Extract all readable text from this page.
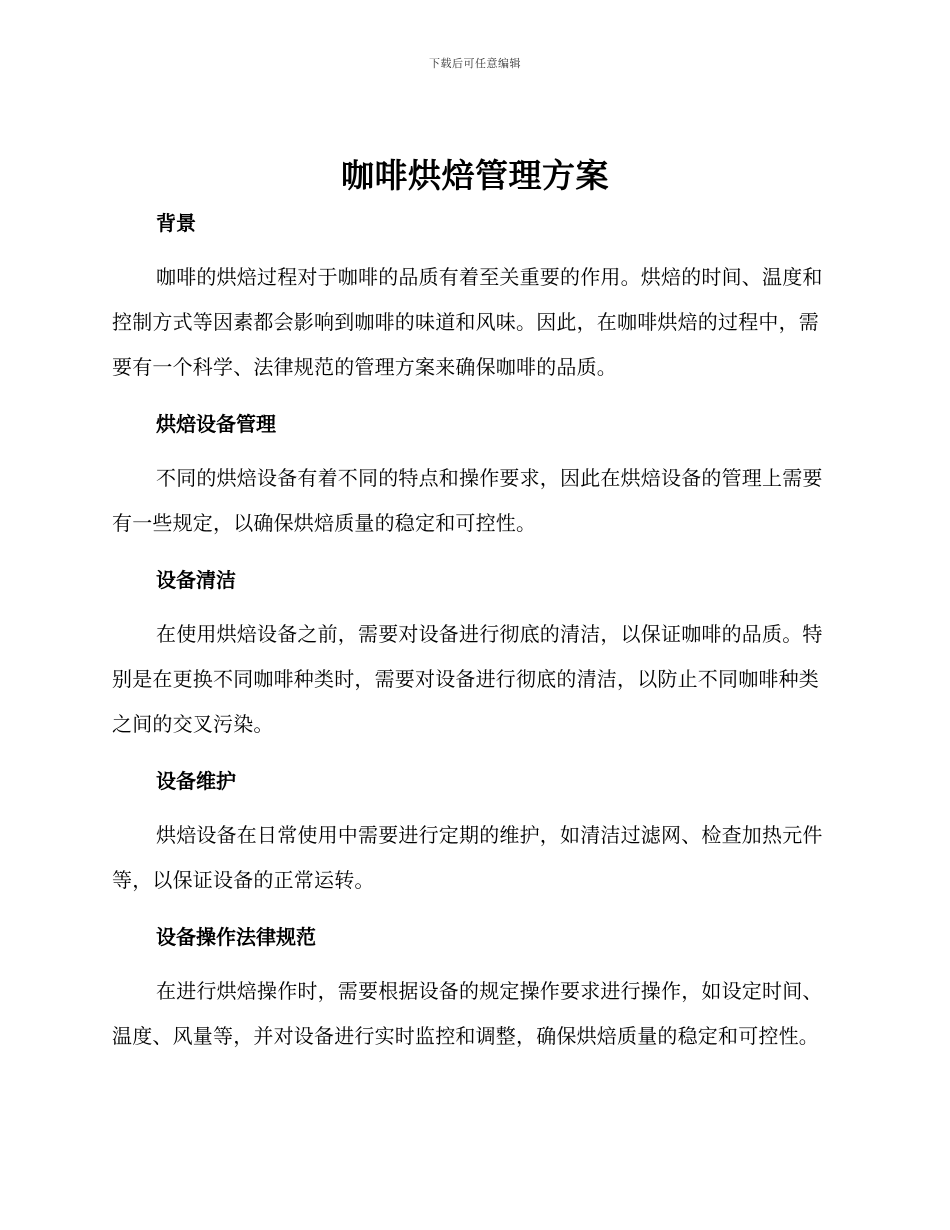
下载后可任意编辑
咖啡烘焙管理方案
背景

咖啡的烘焙过程对于咖啡的品质有着至关重要的作用。烘焙的时间、温度和控制方式等因素都会影响到咖啡的味道和风味。因此，在咖啡烘焙的过程中，需要有一个科学、法律规范的管理方案来确保咖啡的品质。

烘焙设备管理

不同的烘焙设备有着不同的特点和操作要求，因此在烘焙设备的管理上需要有一些规定，以确保烘焙质量的稳定和可控性。

设备清洁

在使用烘焙设备之前，需要对设备进行彻底的清洁，以保证咖啡的品质。特别是在更换不同咖啡种类时，需要对设备进行彻底的清洁，以防止不同咖啡种类之间的交叉污染。

设备维护

烘焙设备在日常使用中需要进行定期的维护，如清洁过滤网、检查加热元件等，以保证设备的正常运转。

设备操作法律规范

在进行烘焙操作时，需要根据设备的规定操作要求进行操作，如设定时间、温度、风量等，并对设备进行实时监控和调整，确保烘焙质量的稳定和可控性。
